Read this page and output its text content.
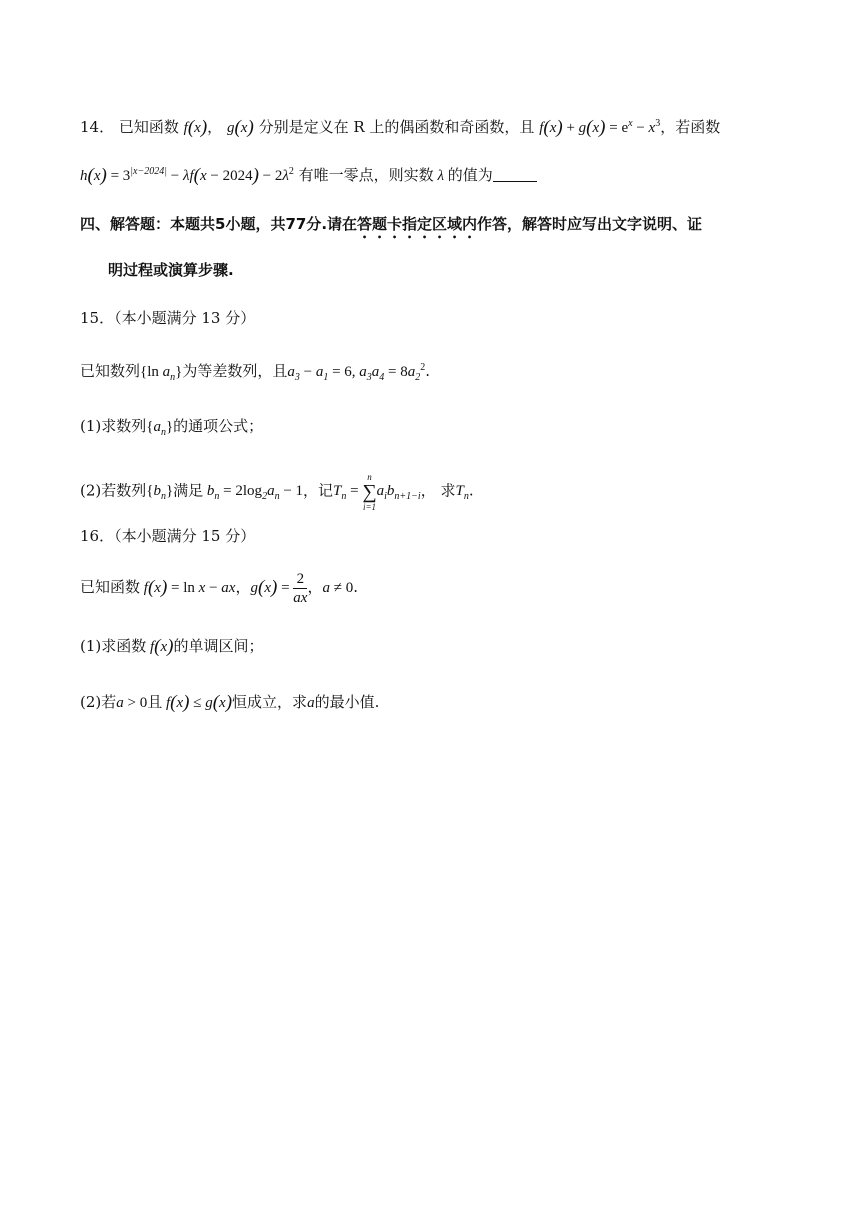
14． 已知函数 f(x)， g(x) 分别是定义在 R 上的偶函数和奇函数，且 $f(x) + g(x) = e^x - x^3$，若函数
$h(x) = 3^{|x-2024|} - \lambda f(x - 2024) - 2\lambda^2$ 有唯一零点，则实数 λ 的值为
四、解答题：本题共5小题，共77分.请在答题卡指定区域内作答，解答时应写出文字说明、证
明过程或演算步骤.
15．（本小题满分 13 分）
已知数列{ln $a_n$}为等差数列，且$a_3 - a_1 = 6$, $a_3a_4 = 8a_2^2$.
(1)求数列$\{a_n\}$的通项公式；
(2)若数列$\{b_n\}$满足 $b_n = 2\log_2a_n - 1$，记$T_n$ =
n
∑
i=1
$a_ib_{n+1-i}$， 求$T_n$.
16．（本小题满分 15 分）
已知函数 f(x) = ln x − ax，$g(x) = \frac{2}{ax}$ ，a ≠ 0.
(1)求函数 f(x)的单调区间；
(2)若a > 0且 f(x) ≤ g(x)恒成立，求a的最小值.
